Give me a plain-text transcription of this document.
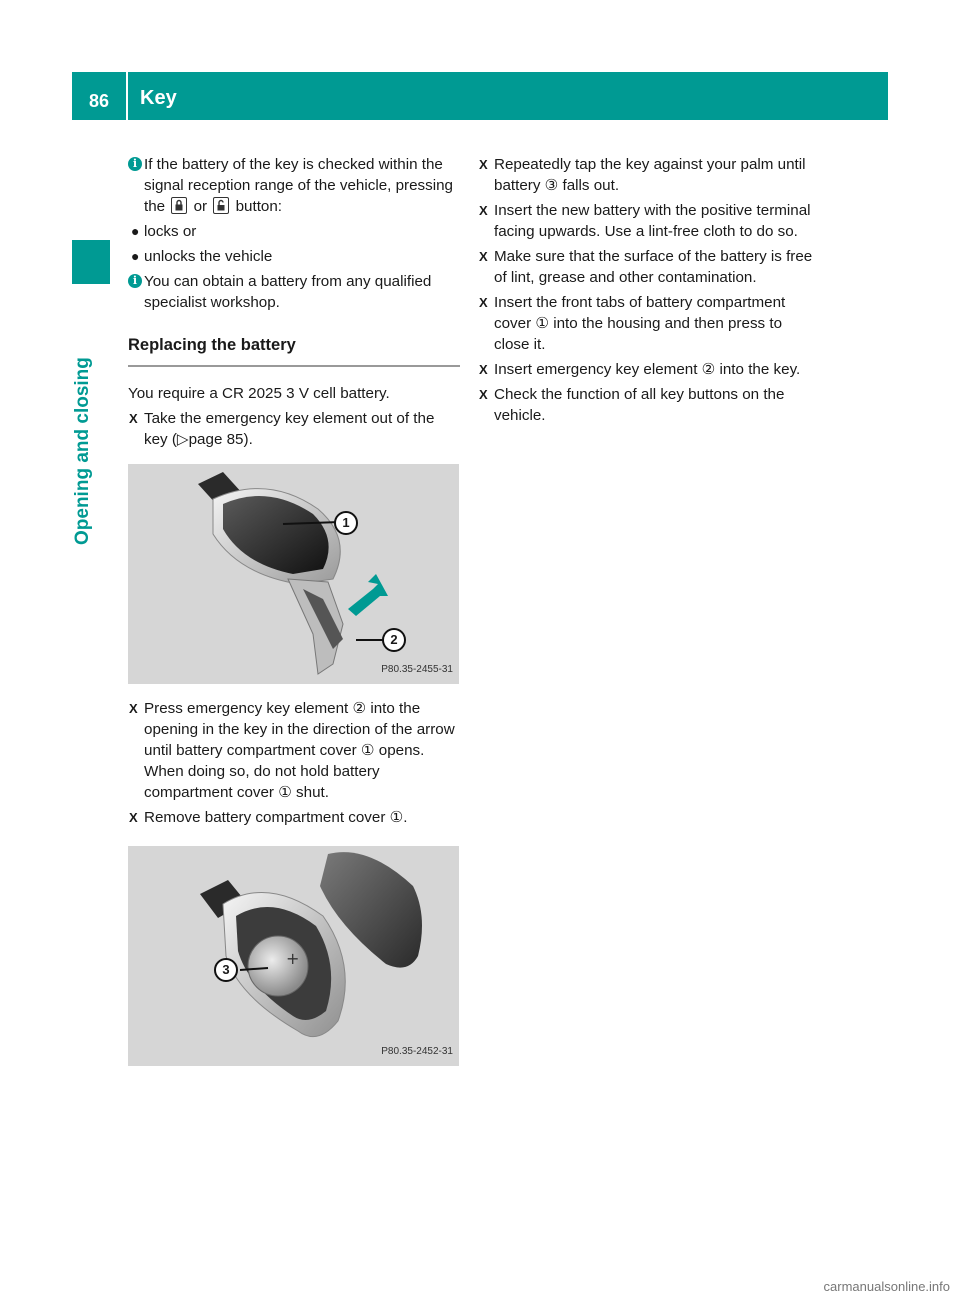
86	Key
Opening and closing
i If the battery of the key is checked within the signal reception range of the vehicle, pressing the or button:
● locks or
● unlocks the vehicle
i You can obtain a battery from any qualified specialist workshop.
Replacing the battery
You require a CR 2025 3 V cell battery.
X Take the emergency key element out of the key (▷page 85).
1
2
P80.35-2455-31
X Press emergency key element ② into the opening in the key in the direction of the arrow until battery compartment cover ① opens. When doing so, do not hold battery compartment cover ① shut.
X Remove battery compartment cover ①.
+
3
P80.35-2452-31
X Repeatedly tap the key against your palm until battery ③ falls out.
X Insert the new battery with the positive terminal facing upwards. Use a lint-free cloth to do so.
X Make sure that the surface of the battery is free of lint, grease and other contamination.
X Insert the front tabs of battery compartment cover ① into the housing and then press to close it.
X Insert emergency key element ② into the key.
X Check the function of all key buttons on the vehicle.
carmanualsonline.info
